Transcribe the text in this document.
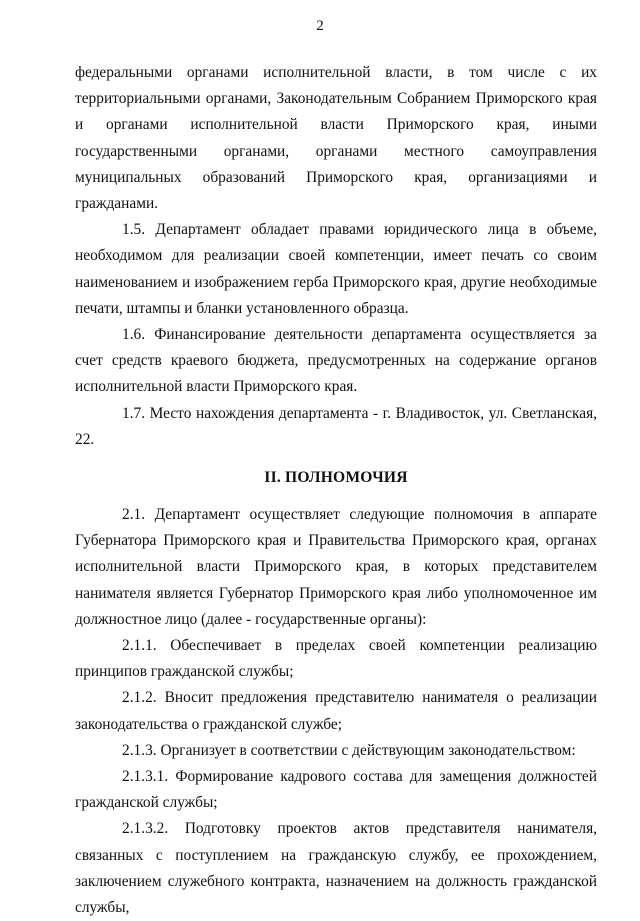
2

федеральными органами исполнительной власти, в том числе с их территориальными органами, Законодательным Собранием Приморского края и органами исполнительной власти Приморского края, иными государственными органами, органами местного самоуправления муниципальных образований Приморского края, организациями и гражданами.

1.5. Департамент обладает правами юридического лица в объеме, необходимом для реализации своей компетенции, имеет печать со своим наименованием и изображением герба Приморского края, другие необходимые печати, штампы и бланки установленного образца.

1.6. Финансирование деятельности департамента осуществляется за счет средств краевого бюджета, предусмотренных на содержание органов исполнительной власти Приморского края.

1.7. Место нахождения департамента - г. Владивосток, ул. Светланская, 22.

II. ПОЛНОМОЧИЯ

2.1. Департамент осуществляет следующие полномочия в аппарате Губернатора Приморского края и Правительства Приморского края, органах исполнительной власти Приморского края, в которых представителем нанимателя является Губернатор Приморского края либо уполномоченное им должностное лицо (далее - государственные органы):

2.1.1. Обеспечивает в пределах своей компетенции реализацию принципов гражданской службы;

2.1.2. Вносит предложения представителю нанимателя о реализации законодательства о гражданской службе;

2.1.3. Организует в соответствии с действующим законодательством:

2.1.3.1. Формирование кадрового состава для замещения должностей гражданской службы;

2.1.3.2. Подготовку проектов актов представителя нанимателя, связанных с поступлением на гражданскую службу, ее прохождением, заключением служебного контракта, назначением на должность гражданской службы,
